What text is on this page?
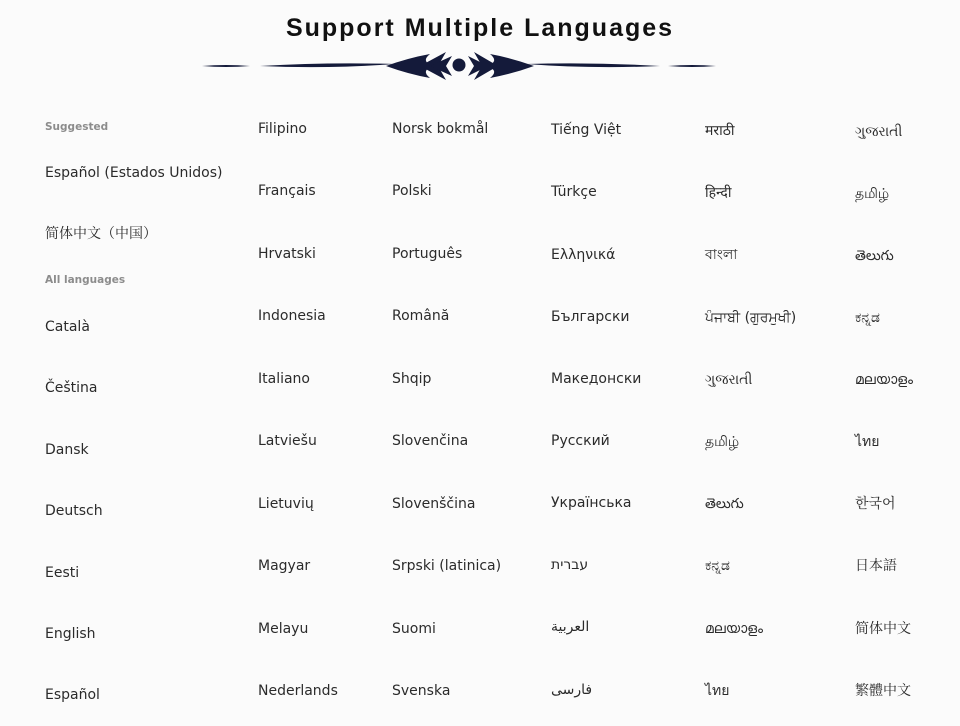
Support Multiple Languages
Suggested
All languages
Español (Estados Unidos)
简体中文（中国）
Català
Čeština
Dansk
Deutsch
Eesti
English
Español
Filipino
Français
Hrvatski
Indonesia
Italiano
Latviešu
Lietuvių
Magyar
Melayu
Nederlands
Norsk bokmål
Polski
Português
Română
Shqip
Slovenčina
Slovenščina
Srpski (latinica)
Suomi
Svenska
Tiếng Việt
Türkçe
Ελληνικά
Български
Македонски
Русский
Українська
עברית
العربية
فارسی
मराठी
हिन्दी
বাংলা
ਪੰਜਾਬੀ (ਗੁਰਮੁਖੀ)
ગુજરાતી
தமிழ்
తెలుగు
ಕನ್ನಡ
മലയാളം
ไทย
ગુજરાતી
தமிழ்
తెలుగు
ಕನ್ನಡ
മലയാളം
ไทย
한국어
日本語
简体中文
繁體中文
